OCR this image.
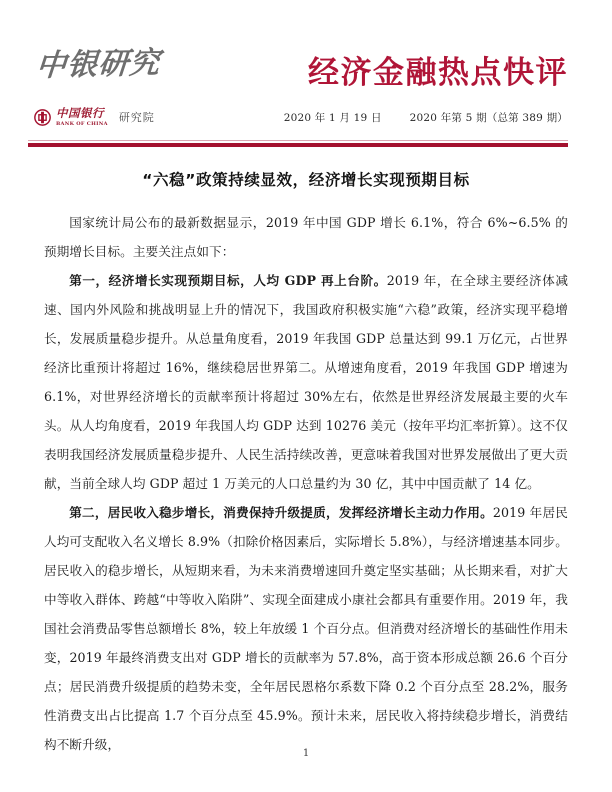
中银研究
中国银行
BANK OF CHINA 研究院
经济金融热点快评
2020 年 1 月 19 日	2020 年第 5 期（总第 389 期）
“六稳”政策持续显效，经济增长实现预期目标

国家统计局公布的最新数据显示，2019 年中国 GDP 增长 6.1%，符合 6%~6.5% 的预期增长目标。主要关注点如下：

第一，经济增长实现预期目标，人均 GDP 再上台阶。2019 年，在全球主要经济体减速、国内外风险和挑战明显上升的情况下，我国政府积极实施“六稳”政策，经济实现平稳增长，发展质量稳步提升。从总量角度看，2019 年我国 GDP 总量达到 99.1 万亿元，占世界经济比重预计将超过 16%，继续稳居世界第二。从增速角度看，2019 年我国 GDP 增速为 6.1%，对世界经济增长的贡献率预计将超过 30%左右，依然是世界经济发展最主要的火车头。从人均角度看，2019 年我国人均 GDP 达到 10276 美元（按年平均汇率折算）。这不仅表明我国经济发展质量稳步提升、人民生活持续改善，更意味着我国对世界发展做出了更大贡献，当前全球人均 GDP 超过 1 万美元的人口总量约为 30 亿，其中中国贡献了 14 亿。

第二，居民收入稳步增长，消费保持升级提质，发挥经济增长主动力作用。2019 年居民人均可支配收入名义增长 8.9%（扣除价格因素后，实际增长 5.8%），与经济增速基本同步。居民收入的稳步增长，从短期来看，为未来消费增速回升奠定坚实基础；从长期来看，对扩大中等收入群体、跨越“中等收入陷阱”、实现全面建成小康社会都具有重要作用。2019 年，我国社会消费品零售总额增长 8%，较上年放缓 1 个百分点。但消费对经济增长的基础性作用未变，2019 年最终消费支出对 GDP 增长的贡献率为 57.8%，高于资本形成总额 26.6 个百分点；居民消费升级提质的趋势未变，全年居民恩格尔系数下降 0.2 个百分点至 28.2%，服务性消费支出占比提高 1.7 个百分点至 45.9%。预计未来，居民收入将持续稳步增长，消费结构不断升级，

1
